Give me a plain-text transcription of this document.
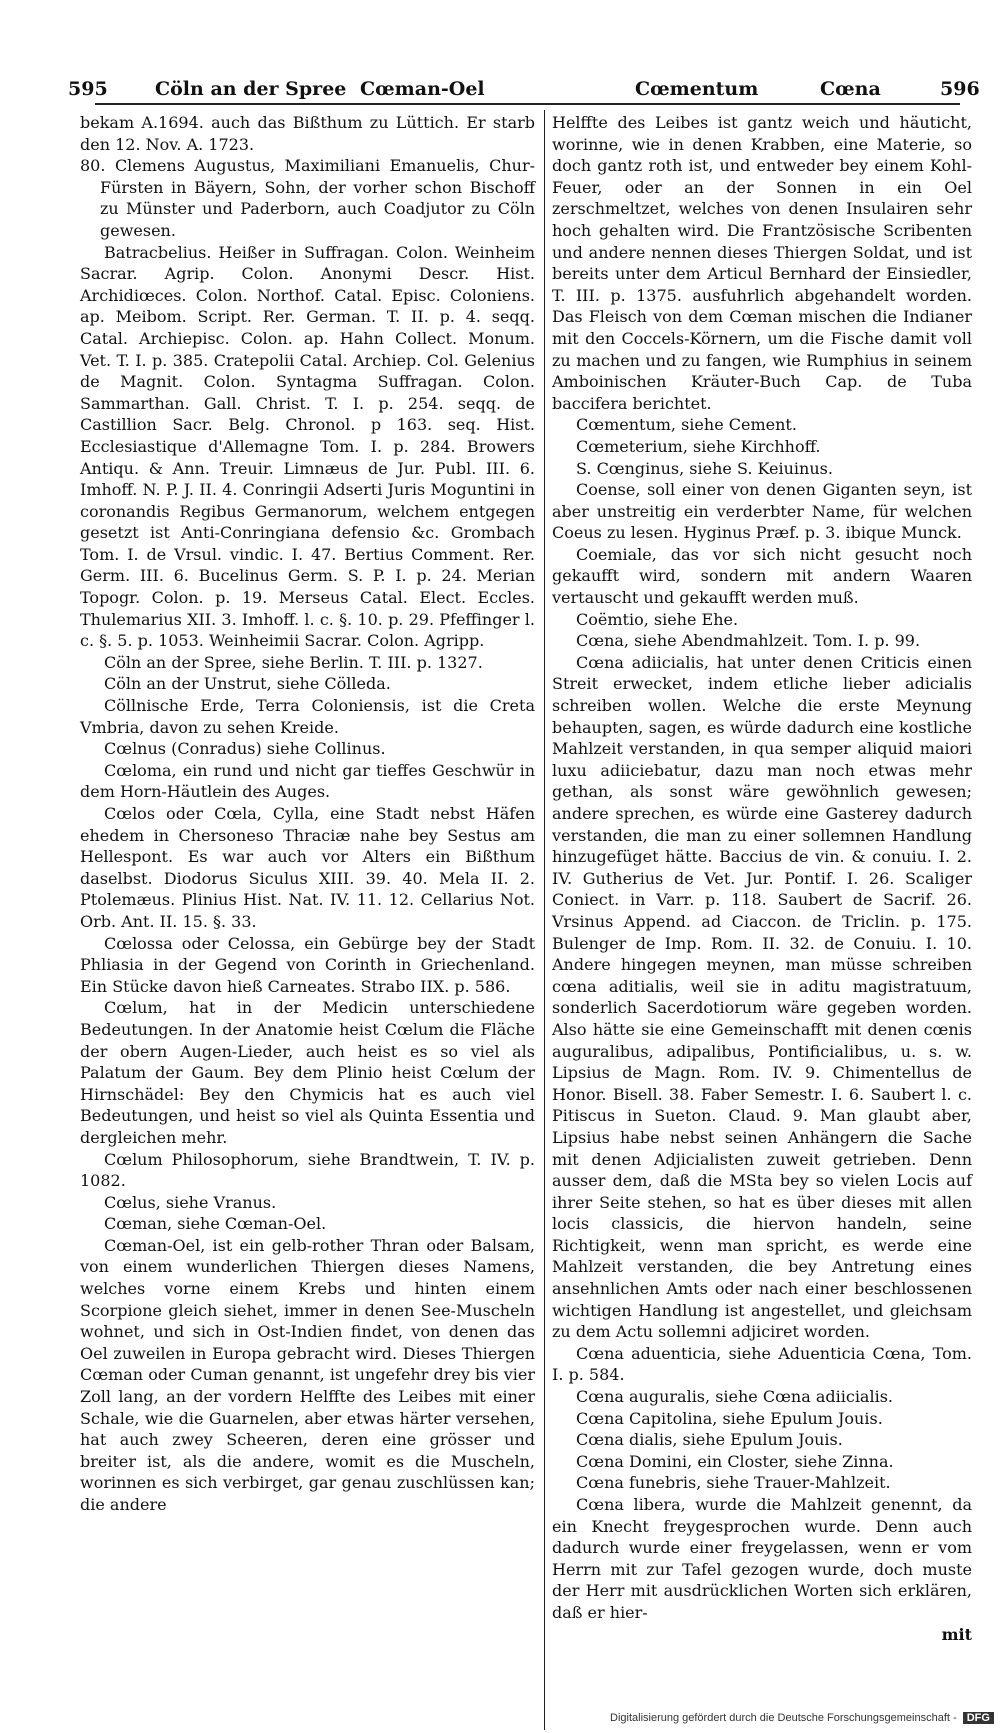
595 Cöln an der Spree Cœman-Oel	Cœmentum	Cœna	596

bekam A.1694. auch das Bißthum zu Lüttich. Er starb den 12. Nov. A. 1723.

80. Clemens Augustus, Maximiliani Emanuelis, Chur-Fürsten in Bäyern, Sohn, der vorher schon Bischoff zu Münster und Paderborn, auch Coadjutor zu Cöln gewesen.

Batracbelius. Heißer in Suffragan. Colon. Weinheim Sacrar. Agrip. Colon. Anonymi Descr. Hist. Archidiœces. Colon. Northof. Catal. Episc. Coloniens. ap. Meibom. Script. Rer. German. T. II. p. 4. seqq. Catal. Archiepisc. Colon. ap. Hahn Collect. Monum. Vet. T. I. p. 385. Cratepolii Catal. Archiep. Col. Gelenius de Magnit. Colon. Syntagma Suffragan. Colon. Sammarthan. Gall. Christ. T. I. p. 254. seqq. de Castillion Sacr. Belg. Chronol. p 163. seq. Hist. Ecclesiastique d'Allemagne Tom. I. p. 284. Browers Antiqu. & Ann. Treuir. Limnæus de Jur. Publ. III. 6. Imhoff. N. P. J. II. 4. Conringii Adserti Juris Moguntini in coronandis Regibus Germanorum, welchem entgegen gesetzt ist Anti-Conringiana defensio &c. Grombach Tom. I. de Vrsul. vindic. I. 47. Bertius Comment. Rer. Germ. III. 6. Bucelinus Germ. S. P. I. p. 24. Merian Topogr. Colon. p. 19. Merseus Catal. Elect. Eccles. Thulemarius XII. 3. Imhoff. l. c. §. 10. p. 29. Pfeffinger l. c. §. 5. p. 1053. Weinheimii Sacrar. Colon. Agripp.

Cöln an der Spree, siehe Berlin. T. III. p. 1327.

Cöln an der Unstrut, siehe Cölleda.

Cöllnische Erde, Terra Coloniensis, ist die Creta Vmbria, davon zu sehen Kreide.

Cœlnus (Conradus) siehe Collinus.

Cœloma, ein rund und nicht gar tieffes Geschwür in dem Horn-Häutlein des Auges.

Cœlos oder Cœla, Cylla, eine Stadt nebst Häfen ehedem in Chersoneso Thraciæ nahe bey Sestus am Hellespont. Es war auch vor Alters ein Bißthum daselbst. Diodorus Siculus XIII. 39. 40. Mela II. 2. Ptolemæus. Plinius Hist. Nat. IV. 11. 12. Cellarius Not. Orb. Ant. II. 15. §. 33.

Cœlossa oder Celossa, ein Gebürge bey der Stadt Phliasia in der Gegend von Corinth in Griechenland. Ein Stücke davon hieß Carneates. Strabo IIX. p. 586.

Cœlum, hat in der Medicin unterschiedene Bedeutungen. In der Anatomie heist Cœlum die Fläche der obern Augen-Lieder, auch heist es so viel als Palatum der Gaum. Bey dem Plinio heist Cœlum der Hirnschädel: Bey den Chymicis hat es auch viel Bedeutungen, und heist so viel als Quinta Essentia und dergleichen mehr.

Cœlum Philosophorum, siehe Brandtwein, T. IV. p. 1082.

Cœlus, siehe Vranus.

Cœman, siehe Cœman-Oel.

Cœman-Oel, ist ein gelb-rother Thran oder Balsam, von einem wunderlichen Thiergen dieses Namens, welches vorne einem Krebs und hinten einem Scorpione gleich siehet, immer in denen See-Muscheln wohnet, und sich in Ost-Indien findet, von denen das Oel zuweilen in Europa gebracht wird. Dieses Thiergen Cœman oder Cuman genannt, ist ungefehr drey bis vier Zoll lang, an der vordern Helffte des Leibes mit einer Schale, wie die Guarnelen, aber etwas härter versehen, hat auch zwey Scheeren, deren eine grösser und breiter ist, als die andere, womit es die Muscheln, worinnen es sich verbirget, gar genau zuschlüssen kan; die andere

Helffte des Leibes ist gantz weich und häuticht, worinne, wie in denen Krabben, eine Materie, so doch gantz roth ist, und entweder bey einem Kohl-Feuer, oder an der Sonnen in ein Oel zerschmeltzet, welches von denen Insulairen sehr hoch gehalten wird. Die Frantzösische Scribenten und andere nennen dieses Thiergen Soldat, und ist bereits unter dem Articul Bernhard der Einsiedler, T. III. p. 1375. ausfuhrlich abgehandelt worden. Das Fleisch von dem Cœman mischen die Indianer mit den Coccels-Körnern, um die Fische damit voll zu machen und zu fangen, wie Rumphius in seinem Amboinischen Kräuter-Buch Cap. de Tuba baccifera berichtet.

Cœmentum, siehe Cement.

Cœmeterium, siehe Kirchhoff.

S. Cœnginus, siehe S. Keiuinus.

Coense, soll einer von denen Giganten seyn, ist aber unstreitig ein verderbter Name, für welchen Coeus zu lesen. Hyginus Præf. p. 3. ibique Munck.

Coemiale, das vor sich nicht gesucht noch gekaufft wird, sondern mit andern Waaren vertauscht und gekaufft werden muß.

Coëmtio, siehe Ehe.

Cœna, siehe Abendmahlzeit. Tom. I. p. 99.

Cœna adiicialis, hat unter denen Criticis einen Streit erwecket, indem etliche lieber adicialis schreiben wollen. Welche die erste Meynung behaupten, sagen, es würde dadurch eine kostliche Mahlzeit verstanden, in qua semper aliquid maiori luxu adiiciebatur, dazu man noch etwas mehr gethan, als sonst wäre gewöhnlich gewesen; andere sprechen, es würde eine Gasterey dadurch verstanden, die man zu einer sollemnen Handlung hinzugefüget hätte. Baccius de vin. & conuiu. I. 2. IV. Gutherius de Vet. Jur. Pontif. I. 26. Scaliger Coniect. in Varr. p. 118. Saubert de Sacrif. 26. Vrsinus Append. ad Ciaccon. de Triclin. p. 175. Bulenger de Imp. Rom. II. 32. de Conuiu. I. 10. Andere hingegen meynen, man müsse schreiben cœna aditialis, weil sie in aditu magistratuum, sonderlich Sacerdotiorum wäre gegeben worden. Also hätte sie eine Gemeinschafft mit denen cœnis auguralibus, adipalibus, Pontificialibus, u. s. w. Lipsius de Magn. Rom. IV. 9. Chimentellus de Honor. Bisell. 38. Faber Semestr. I. 6. Saubert l. c. Pitiscus in Sueton. Claud. 9. Man glaubt aber, Lipsius habe nebst seinen Anhängern die Sache mit denen Adjicialisten zuweit getrieben. Denn ausser dem, daß die MSta bey so vielen Locis auf ihrer Seite stehen, so hat es über dieses mit allen locis classicis, die hiervon handeln, seine Richtigkeit, wenn man spricht, es werde eine Mahlzeit verstanden, die bey Antretung eines ansehnlichen Amts oder nach einer beschlossenen wichtigen Handlung ist angestellet, und gleichsam zu dem Actu sollemni adjiciret worden.

Cœna aduenticia, siehe Aduenticia Cœna, Tom. I. p. 584.

Cœna auguralis, siehe Cœna adiicialis.

Cœna Capitolina, siehe Epulum Jouis.

Cœna dialis, siehe Epulum Jouis.

Cœna Domini, ein Closter, siehe Zinna.

Cœna funebris, siehe Trauer-Mahlzeit.

Cœna libera, wurde die Mahlzeit genennt, da ein Knecht freygesprochen wurde. Denn auch dadurch wurde einer freygelassen, wenn er vom Herrn mit zur Tafel gezogen wurde, doch muste der Herr mit ausdrücklichen Worten sich erklären, daß er hier-

mit

Digitalisierung gefördert durch die Deutsche Forschungsgemeinschaft - DFG
